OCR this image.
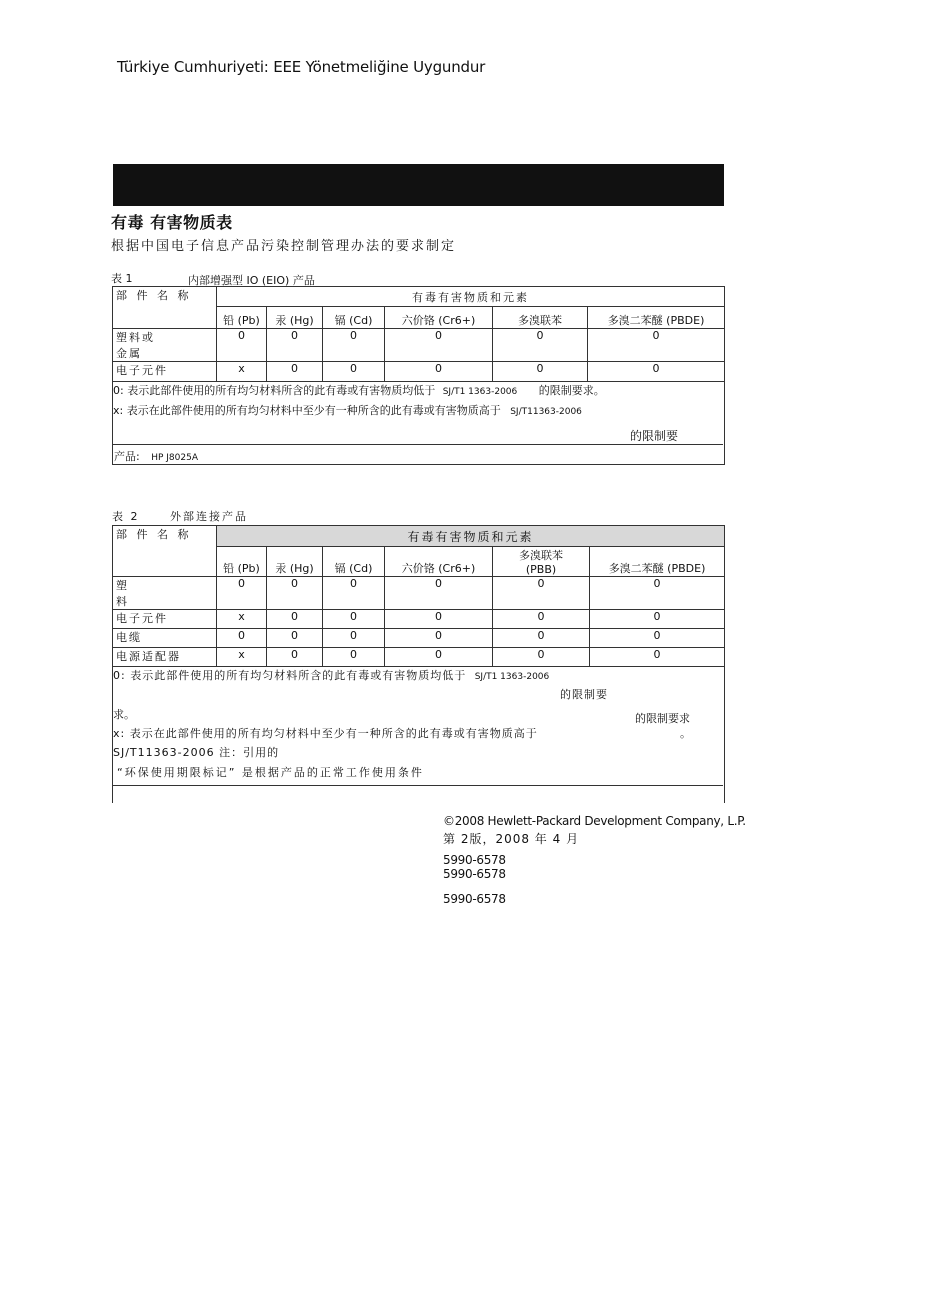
Türkiye Cumhuriyeti: EEE Yönetmeliğine Uygundur
有毒 有害物质表
根据中国电子信息产品污染控制管理办法的要求制定
表 1	内部增强型 IO (EIO) 产品
部 件 名 称	有毒有害物质和元素					
	铅 (Pb)	汞 (Hg)	镉 (Cd)	六价铬 (Cr6+)	多溴联苯	多溴二苯醚 (PBDE)
塑料或
金属	0	0	0	0	0	0
电子元件	x	0	0	0	0	0
0: 表示此部件使用的所有均匀材料所含的此有毒或有害物质均低于 SJ/T1 1363-2006 的限制要求。
x: 表示在此部件使用的所有均匀材料中至少有一种所含的此有毒或有害物质高于 SJ/T11363-2006
的限制要
产品: HP J8025A
表 2	外部连接产品
部 件 名 称	有毒有害物质和元素					
	铅 (Pb)	汞 (Hg)	镉 (Cd)	六价铬 (Cr6+)	多溴联苯
(PBB)	多溴二苯醚 (PBDE)
塑
料	0	0	0	0	0	0
电子元件	x	0	0	0	0	0
电缆	0	0	0	0	0	0
电源适配器	x	0	0	0	0	0
0: 表示此部件使用的所有均匀材料所含的此有毒或有害物质均低于 SJ/T1 1363-2006
的限制要
求。	的限制要求
x: 表示在此部件使用的所有均匀材料中至少有一种所含的此有毒或有害物质高于	。
SJ/T11363-2006 注：引用的
“环保使用期限标记” 是根据产品的正常工作使用条件
©2008 Hewlett-Packard Development Company, L.P.
第 2版，2008 年 4 月
5990-6578
5990-6578
5990-6578
